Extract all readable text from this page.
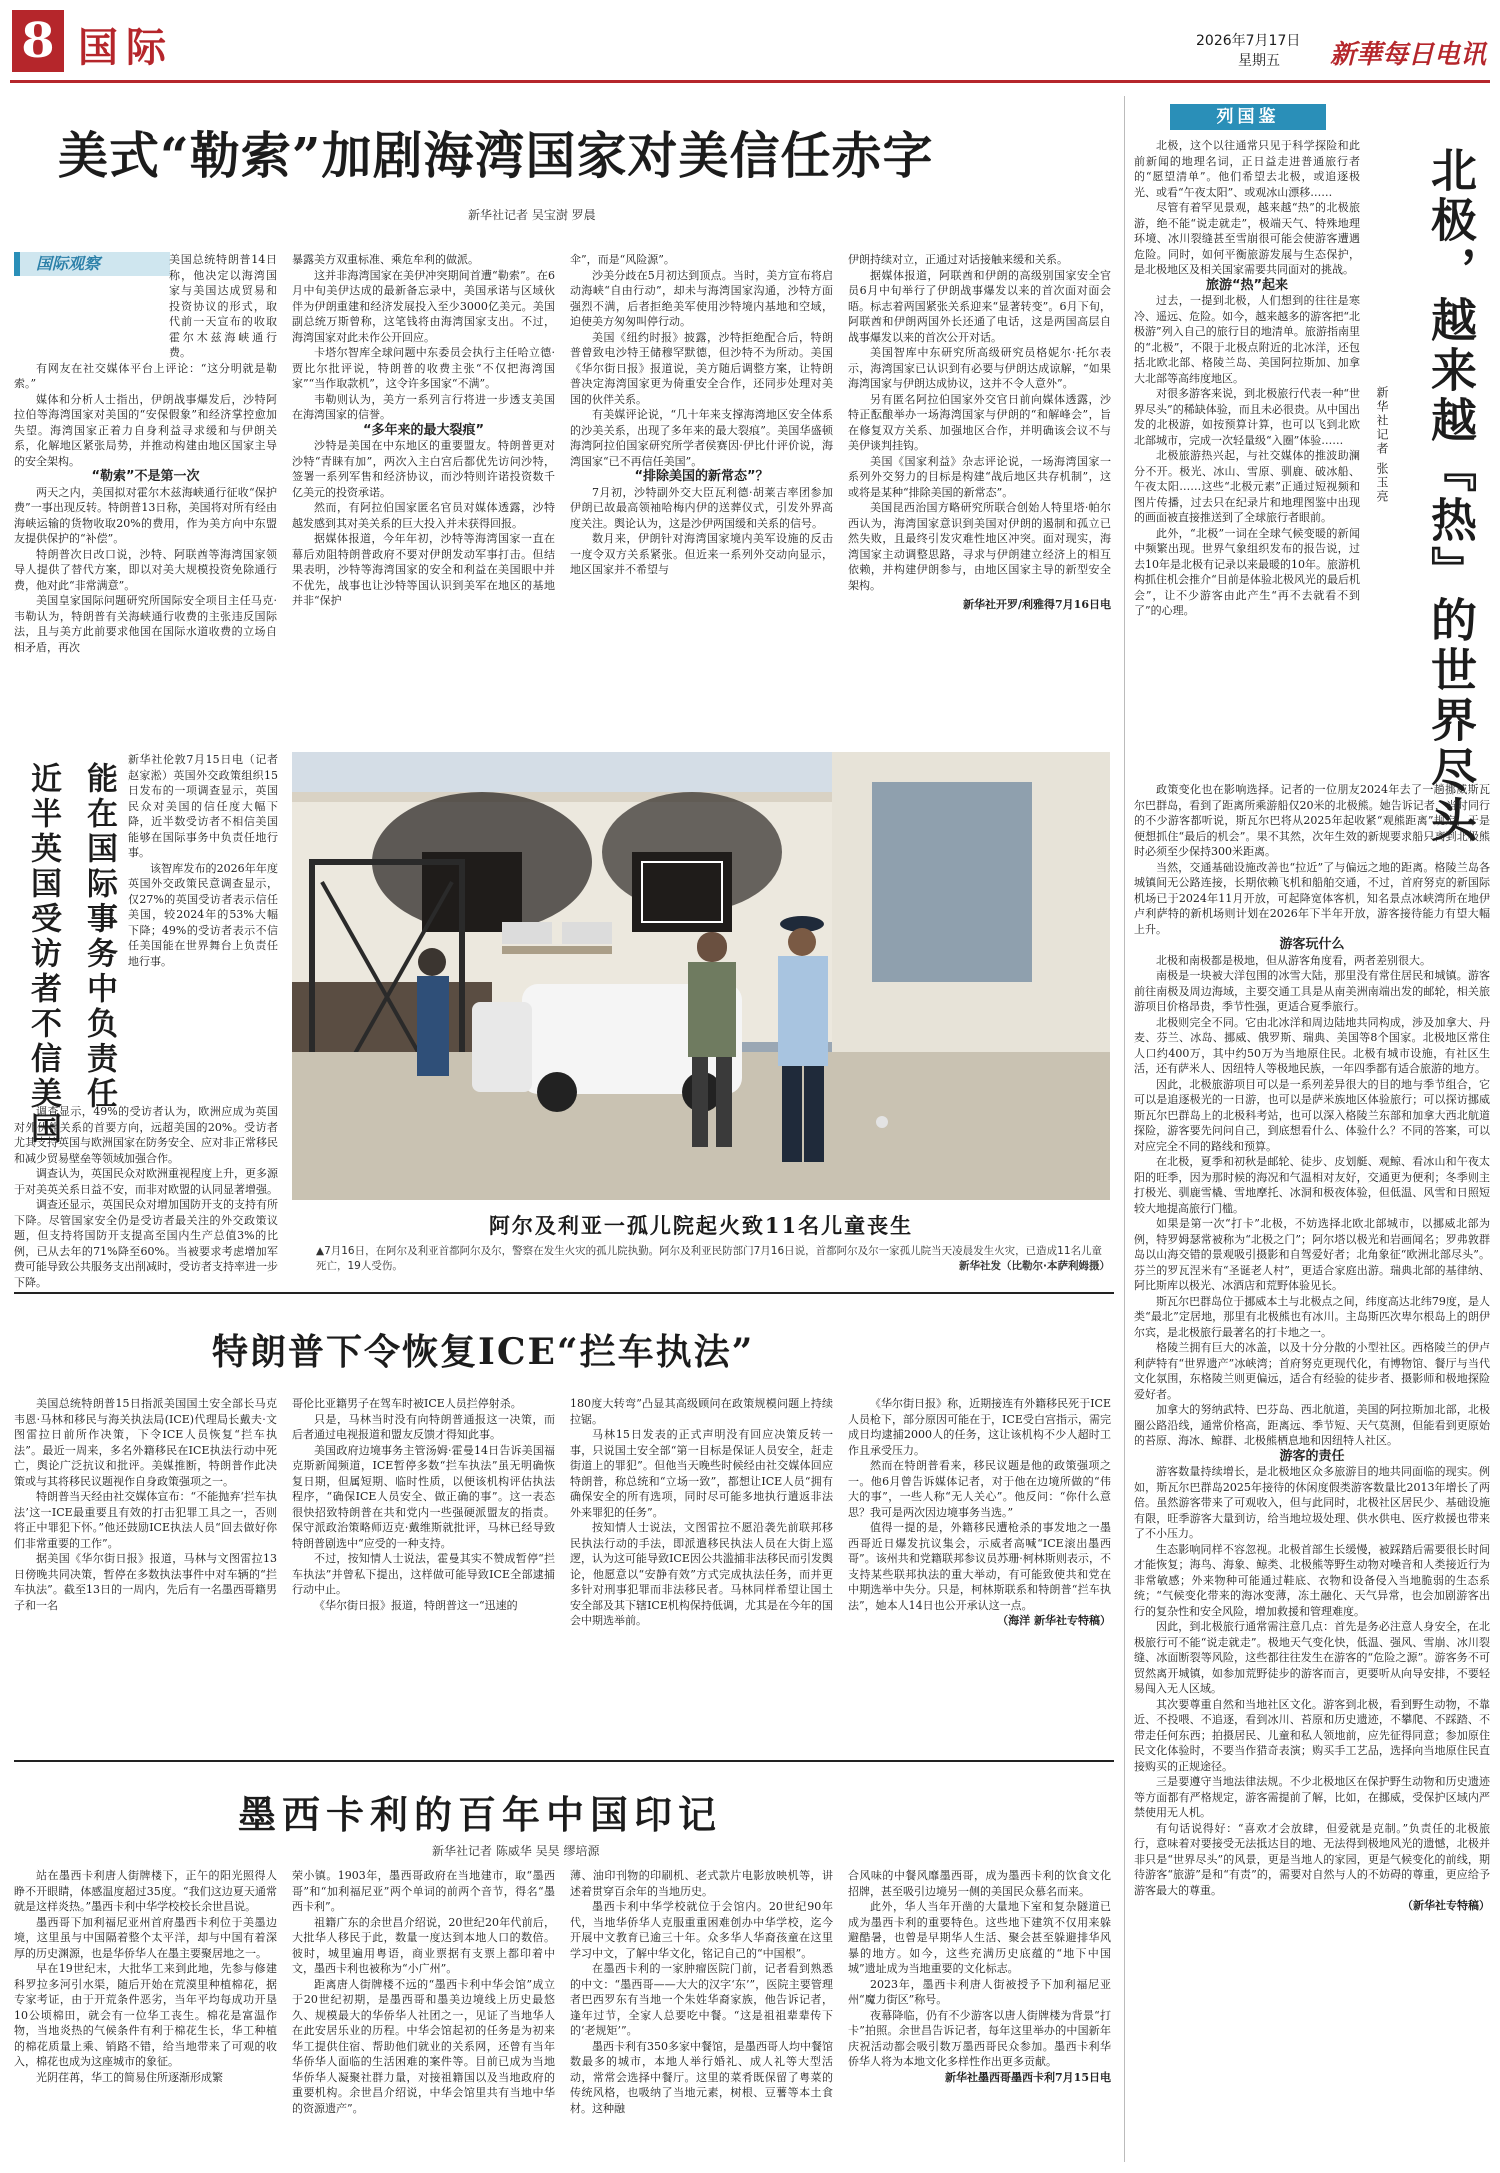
8 国际	2026年7月17日
星期五 新華每日电讯
美式“勒索”加剧海湾国家对美信任赤字
新华社记者 吴宝澍 罗晨
国际观察	美国总统特朗普14日称，他决定以海湾国家与美国达成贸易和投资协议的形式，取代前一天宣布的收取霍尔木兹海峡通行费。

有网友在社交媒体平台上评论：“这分明就是勒索。”

媒体和分析人士指出，伊朗战事爆发后，沙特阿拉伯等海湾国家对美国的“安保假象”和经济掌控愈加失望。海湾国家正着力自身利益寻求缓和与伊朗关系，化解地区紧张局势，并推动构建由地区国家主导的安全架构。

“勒索”不是第一次

两天之内，美国拟对霍尔木兹海峡通行征收“保护费”一事出现反转。特朗普13日称，美国将对所有经由海峡运输的货物收取20%的费用，作为美方向中东盟友提供保护的“补偿”。

特朗普次日改口说，沙特、阿联酋等海湾国家领导人提供了替代方案，即以对美大规模投资免除通行费，他对此“非常满意”。

美国皇家国际问题研究所国际安全项目主任马克·韦勒认为，特朗普有关海峡通行收费的主张违反国际法，且与美方此前要求他国在国际水道收费的立场自相矛盾，再次

暴露美方双重标准、乘危牟利的做派。

这并非海湾国家在美伊冲突期间首遭“勒索”。在6月中旬美伊达成的最新备忘录中，美国承诺与区域伙伴为伊朗重建和经济发展投入至少3000亿美元。美国副总统万斯曾称，这笔钱将由海湾国家支出。不过，海湾国家对此未作公开回应。

卡塔尔智库全球问题中东委员会执行主任哈立德·贾比尔批评说，特朗普的收费主张“不仅把海湾国家”“当作取款机”，这令许多国家“不满”。

韦勒则认为，美方一系列言行将进一步透支美国在海湾国家的信誉。

“多年来的最大裂痕”

沙特是美国在中东地区的重要盟友。特朗普更对沙特“青睐有加”，两次入主白宫后都优先访问沙特，签署一系列军售和经济协议，而沙特则许诺投资数千亿美元的投资承诺。

然而，有阿拉伯国家匿名官员对媒体透露，沙特越发感到其对美关系的巨大投入并未获得回报。

据媒体报道，今年年初，沙特等海湾国家一直在幕后劝阻特朗普政府不要对伊朗发动军事打击。但结果表明，沙特等海湾国家的安全和利益在美国眼中并不优先，战事也让沙特等国认识到美军在地区的基地并非“保护

伞”，而是“风险源”。

沙美分歧在5月初达到顶点。当时，美方宣布将启动海峡“自由行动”，却未与海湾国家沟通，沙特方面强烈不满，后者拒绝美军使用沙特境内基地和空域，迫使美方匆匆叫停行动。

美国《纽约时报》披露，沙特拒绝配合后，特朗普曾致电沙特王储穆罕默德，但沙特不为所动。美国《华尔街日报》报道说，美方随后调整方案，让特朗普决定海湾国家更为倚重安全合作，还同步处理对美国的伙伴关系。

有美媒评论说，“几十年来支撑海湾地区安全体系的沙美关系，出现了多年来的最大裂痕”。美国华盛顿海湾阿拉伯国家研究所学者侯赛因·伊比什评价说，海湾国家“已不再信任美国”。

“排除美国的新常态”？

7月初，沙特副外交大臣瓦利德·胡莱吉率团参加伊朗已故最高领袖哈梅内伊的送葬仪式，引发外界高度关注。舆论认为，这是沙伊两国缓和关系的信号。

数月来，伊朗针对海湾国家境内美军设施的反击一度令双方关系紧张。但近来一系列外交动向显示，地区国家并不希望与

伊朗持续对立，正通过对话接触来缓和关系。

据媒体报道，阿联酋和伊朗的高级别国家安全官员6月中旬举行了伊朗战事爆发以来的首次面对面会晤。标志着两国紧张关系迎来“显著转变”。6月下旬，阿联酋和伊朗两国外长还通了电话，这是两国高层自战事爆发以来的首次公开对话。

美国智库中东研究所高级研究员格妮尔·托尔表示，海湾国家已认识到有必要与伊朗达成谅解，“如果海湾国家与伊朗达成协议，这并不令人意外”。

另有匿名阿拉伯国家外交官日前向媒体透露，沙特正酝酿举办一场海湾国家与伊朗的“和解峰会”，旨在修复双方关系、加强地区合作，并明确该会议不与美伊谈判挂钩。

美国《国家利益》杂志评论说，一场海湾国家一系列外交努力的目标是构建“战后地区共存机制”，这或将是某种“排除美国的新常态”。

美国昆西治国方略研究所联合创始人特里塔·帕尔西认为，海湾国家意识到美国对伊朗的遏制和孤立已然失败，且最终引发灾难性地区冲突。面对现实，海湾国家主动调整思路，寻求与伊朗建立经济上的相互依赖，并构建伊朗参与，由地区国家主导的新型安全架构。

新华社开罗/利雅得7月16日电

近半英国受访者不信美国 能在国际事务中负责任

新华社伦敦7月15日电（记者赵家淞）英国外交政策组织15日发布的一项调查显示，英国民众对美国的信任度大幅下降，近半数受访者不相信美国能够在国际事务中负责任地行事。

该智库发布的2026年年度英国外交政策民意调查显示，仅27%的英国受访者表示信任美国，较2024年的53%大幅下降；49%的受访者表示不信任美国能在世界舞台上负责任地行事。

调查显示，49%的受访者认为，欧洲应成为英国对外伙伴关系的首要方向，远超美国的20%。受访者尤其支持英国与欧洲国家在防务安全、应对非正常移民和减少贸易壁垒等领域加强合作。

调查认为，英国民众对欧洲重视程度上升，更多源于对美英关系日益不安，而非对欧盟的认同显著增强。

调查还显示，英国民众对增加国防开支的支持有所下降。尽管国家安全仍是受访者最关注的外交政策议题，但支持将国防开支提高至国内生产总值3%的比例，已从去年的71%降至60%。当被要求考虑增加军费可能导致公共服务支出削减时，受访者支持率进一步下降。

阿尔及利亚一孤儿院起火致11名儿童丧生
▲7月16日，在阿尔及利亚首都阿尔及尔，警察在发生火灾的孤儿院执勤。阿尔及利亚民防部门7月16日说，首都阿尔及尔一家孤儿院当天凌晨发生火灾，已造成11名儿童死亡，19人受伤。	新华社发（比勒尔·本萨利姆摄）
特朗普下令恢复ICE“拦车执法”

美国总统特朗普15日指派美国国土安全部长马克韦恩·马林和移民与海关执法局(ICE)代理局长戴夫·文图雷拉日前所作决策，下令ICE人员恢复“拦车执法”。最近一周来，多名外籍移民在ICE执法行动中死亡，舆论广泛抗议和批评。美媒推断，特朗普作此决策或与其将移民议题视作自身政策强项之一。

特朗普当天经由社交媒体宣布：“不能抛弃‘拦车执法’这一ICE最重要且有效的打击犯罪工具之一，否则将正中罪犯下怀。”他还鼓励ICE执法人员“回去做好你们非常重要的工作”。

据美国《华尔街日报》报道，马林与文图雷拉13日傍晚共同决策，暂停在多数执法事件中对车辆的“拦车执法”。截至13日的一周内，先后有一名墨西哥籍男子和一名

哥伦比亚籍男子在驾车时被ICE人员拦停射杀。

只是，马林当时没有向特朗普通报这一决策，而后者通过电视报道和盟友反馈才得知此事。

美国政府边境事务主管汤姆·霍曼14日告诉美国福克斯新闻频道，ICE暂停多数“拦车执法”虽无明确恢复日期，但属短期、临时性质，以便该机构评估执法程序，“确保ICE人员安全、做正确的事”。这一表态很快招致特朗普在共和党内一些强硬派盟友的指责。保守派政治策略师迈克·戴维斯就批评，马林已经导致特朗普剧选中“应受的一种支持。

不过，按知情人士说法，霍曼其实不赞成暂停“拦车执法”并曾私下提出，这样做可能导致ICE全部逮捕行动中止。

《华尔街日报》报道，特朗普这一“迅速的

180度大转弯”凸显其高级顾问在政策规模问题上持续拉锯。

马林15日发表的正式声明没有回应决策反转一事，只说国土安全部“第一目标是保证人员安全，赶走街道上的罪犯”。但他当天晚些时候经由社交媒体回应特朗普，称总统和“立场一致”，都想让ICE人员“拥有确保安全的所有选项，同时尽可能多地执行遣返非法外来罪犯的任务”。

按知情人士说法，文图雷拉不愿沿袭先前联邦移民执法行动的手法，即派遣移民执法人员在大街上巡逻，认为这可能导致ICE因公共滥捕非法移民而引发舆论，他愿意以“安静有效”方式完成执法任务，而并更多针对刑事犯罪而非法移民者。马林同样希望让国土安全部及其下辖ICE机构保持低调，尤其是在今年的国会中期选举前。

《华尔街日报》称，近期接连有外籍移民死于ICE人员枪下，部分原因可能在于，ICE受白宫指示，需完成日均逮捕2000人的任务，这让该机构不少人超时工作且承受压力。

然而在特朗普看来，移民议题是他的政策强项之一。他6月曾告诉媒体记者，对于他在边境所做的“伟大的事”，一些人称“无人关心”。他反问：“你什么意思？我可是两次因边境事务当选。”

值得一提的是，外籍移民遭枪杀的事发地之一墨西哥近日爆发抗议集会，示威者高喊“ICE滚出墨西哥”。该州共和党籍联邦参议员苏珊·柯林斯则表示，不支持某些联邦执法的重大举动，有可能致使共和党在中期选举中失分。只是，柯林斯联系和特朗普“拦车执法”，她本人14日也公开承认这一点。

（海洋 新华社专特稿）

墨西卡利的百年中国印记
新华社记者 陈威华 吴昊 缪培源

站在墨西卡利唐人街牌楼下，正午的阳光照得人睁不开眼睛，体感温度超过35度。“我们这边夏天通常就是这样炎热。”墨西卡利中华学校校长余世昌说。

墨西哥下加利福尼亚州首府墨西卡利位于美墨边境，这里虽与中国隔着整个太平洋，却与中国有着深厚的历史渊源，也是华侨华人在墨主要聚居地之一。

早在19世纪末，大批华工来到此地，先参与修建科罗拉多河引水渠，随后开始在荒漠里种植棉花，据专家考证，由于开荒条件恶劣，当年平均每成功开垦10公顷棉田，就会有一位华工丧生。棉花是富温作物，当地炎热的气候条件有利于棉花生长，华工种植的棉花质量上乘、销路不错，给当地带来了可观的收入，棉花也成为这座城市的象征。

光阴荏苒，华工的简易住所逐渐形成繁

荣小镇。1903年，墨西哥政府在当地建市，取“墨西哥”和“加利福尼亚”两个单词的前两个音节，得名“墨西卡利”。

祖籍广东的余世昌介绍说，20世纪20年代前后，大批华人移民于此，数量一度达到本地人口的数倍。彼时，城里遍用粤语，商业票据有支票上都印着中文，墨西卡利也被称为“小广州”。

距离唐人街牌楼不远的“墨西卡利中华会馆”成立于20世纪初期，是墨西哥和墨美边境线上历史最悠久、规模最大的华侨华人社团之一，见证了当地华人在此安居乐业的历程。中华会馆起初的任务是为初来华工提供住宿、帮助他们就业的关系网，还曾有当年华侨华人面临的生活困难的案件等。目前已成为当地华侨华人凝聚社群力量，对接祖籍国以及当地政府的重要机构。余世昌介绍说，中华会馆里共有当地中华的资源遗产”。

薄、油印刊物的印刷机、老式款片电影放映机等，讲述着贯穿百余年的当地历史。

墨西卡利中华学校就位于会馆内。20世纪90年代，当地华侨华人克服重重困难创办中华学校，迄今开展中文教育已逾三十年。众多华人华裔孩童在这里学习中文，了解中华文化，铭记自己的“中国根”。

在墨西卡利的一家肿瘤医院门前，记者看到熟悉的中文：“墨西哥——大大的汉字‘东’”，医院主要管理者巴西罗东有当地一个朱姓华裔家族，他告诉记者，逢年过节，全家人总要吃中餐。“这是祖祖辈辈传下的‘老规矩’”。

墨西卡利有350多家中餐馆，是墨西哥人均中餐馆数最多的城市，本地人举行婚礼、成人礼等大型活动，常常会选择中餐厅。这里的菜肴既保留了粤菜的传统风格，也吸纳了当地元素，树根、豆薯等本土食材。这种融

合风味的中餐风靡墨西哥，成为墨西卡利的饮食文化招牌，甚至吸引边境另一侧的美国民众慕名而来。

此外，华人当年开凿的大量地下室和复杂隧道已成为墨西卡利的重要特色。这些地下建筑不仅用来躲避酷暑，也曾是早期华人生活、聚会甚至躲避排华风暴的地方。如今，这些充满历史底蕴的“地下中国城”遗址成为当地重要的文化标志。

2023年，墨西卡利唐人街被授予下加利福尼亚州“魔力街区”称号。

夜幕降临，仍有不少游客以唐人街牌楼为背景“打卡”拍照。余世昌告诉记者，每年这里举办的中国新年庆祝活动都会吸引数万墨西哥民众参加。墨西卡利华侨华人将为本地文化多样性作出更多贡献。

新华社墨西哥墨西卡利7月15日电

列国鉴
北极，越来越『热』的世界尽头
新华社记者 张玉亮

北极，这个以往通常只见于科学探险和此前新闻的地理名词，正日益走进普通旅行者的“愿望清单”。他们希望去北极，或追逐极光、或看“午夜太阳”、或观冰山漂移……

尽管有着罕见景观，越来越“热”的北极旅游，绝不能“说走就走”，极端天气、特殊地理环境、冰川裂缝甚至雪崩很可能会使游客遭遇危险。同时，如何平衡旅游发展与生态保护，是北极地区及相关国家需要共同面对的挑战。

旅游“热”起来

过去，一提到北极，人们想到的往往是寒冷、遥远、危险。如今，越来越多的游客把“北极游”列入自己的旅行目的地清单。旅游指南里的“北极”，不限于北极点附近的北冰洋，还包括北欧北部、格陵兰岛、美国阿拉斯加、加拿大北部等高纬度地区。

对很多游客来说，到北极旅行代表一种“世界尽头”的稀缺体验，而且未必很贵。从中国出发的北极游，如按预算计算，也可以飞到北欧北部城市，完成一次轻量级“入圈”体验……

北极旅游热兴起，与社交媒体的推波助澜分不开。极光、冰山、雪原、驯鹿、破冰船、午夜太阳……这些“北极元素”正通过短视频和图片传播，过去只在纪录片和地理图鉴中出现的画面被直接推送到了全球旅行者眼前。

此外，“北极”一词在全球气候变暖的新闻中频繁出现。世界气象组织发布的报告说，过去10年是北极有记录以来最暖的10年。旅游机构抓住机会推介“目前是体验北极风光的最后机会”，让不少游客由此产生“再不去就看不到了”的心理。

政策变化也在影响选择。记者的一位朋友2024年去了一趟挪威斯瓦尔巴群岛，看到了距离所乘游船仅20米的北极熊。她告诉记者，当时同行的不少游客都听说，斯瓦尔巴将从2025年起收紧“观熊距离”规定，于是便想抓住“最后的机会”。果不其然，次年生效的新规要求船只离到北极熊时必须至少保持300米距离。

当然，交通基础设施改善也“拉近”了与偏远之地的距离。格陵兰岛各城镇间无公路连接，长期依赖飞机和船舶交通，不过，首府努克的新国际机场已于2024年11月开放，可起降宽体客机，知名景点冰峡湾所在地伊卢利萨特的新机场则计划在2026年下半年开放，游客接待能力有望大幅上升。

游客玩什么

北极和南极都是极地，但从游客角度看，两者差别很大。

南极是一块被大洋包围的冰雪大陆，那里没有常住居民和城镇。游客前往南极及周边海域，主要交通工具是从南美洲南端出发的邮轮，相关旅游项目价格昂贵，季节性强，更适合夏季旅行。

北极则完全不同。它由北冰洋和周边陆地共同构成，涉及加拿大、丹麦、芬兰、冰岛、挪威、俄罗斯、瑞典、美国等8个国家。北极地区常住人口约400万，其中约50万为当地原住民。北极有城市设施，有社区生活，还有萨米人、因纽特人等极地民族，一年四季都有适合旅游的地方。

因此，北极旅游项目可以是一系列差异很大的目的地与季节组合，它可以是追逐极光的一日游，也可以是萨米族地区体验旅行；可以探访挪威斯瓦尔巴群岛上的北极科考站，也可以深入格陵兰东部和加拿大西北航道探险，游客要先问问自己，到底想看什么、体验什么？不同的答案，可以对应完全不同的路线和预算。

在北极，夏季和初秋是邮轮、徒步、皮划艇、观鲸、看冰山和午夜太阳的旺季，因为那时候的海况和气温相对友好，交通更为便利；冬季则主打极光、驯鹿雪橇、雪地摩托、冰洞和极夜体验，但低温、风雪和日照短较大地提高旅行门槛。

如果是第一次“打卡”北极，不妨选择北欧北部城市，以挪威北部为例，特罗姆瑟常被称为“北极之门”；阿尔塔以极光和岩画闻名；罗弗敦群岛以山海交错的景观吸引摄影和自驾爱好者；北角象征“欧洲北部尽头”。芬兰的罗瓦涅米有“圣诞老人村”，更适合家庭出游。瑞典北部的基律纳、阿比斯库以极光、冰酒店和荒野体验见长。

斯瓦尔巴群岛位于挪威本土与北极点之间，纬度高达北纬79度，是人类“最北”定居地，那里有北极熊也有冰川。主岛斯匹次卑尔根岛上的朗伊尔宾，是北极旅行最著名的打卡地之一。

格陵兰拥有巨大的冰盖，以及十分分散的小型社区。西格陵兰的伊卢利萨特有“世界遗产”冰峡湾；首府努克更现代化，有博物馆、餐厅与当代文化氛围，东格陵兰则更偏远，适合有经验的徒步者、摄影师和极地探险爱好者。

加拿大的努纳武特、巴芬岛、西北航道，美国的阿拉斯加北部，北极圈公路沿线，通常价格高，距离远、季节短、天气莫测，但能看到更原始的苔原、海冰、鲸群、北极熊栖息地和因纽特人社区。

游客的责任

游客数量持续增长，是北极地区众多旅游目的地共同面临的现实。例如，斯瓦尔巴群岛2025年接待的休闲度假类游客数量比2013年增长了两倍。虽然游客带来了可观收入，但与此同时，北极社区居民少、基础设施有限，旺季游客大量到访，给当地垃圾处理、供水供电、医疗救援也带来了不小压力。

生态影响同样不容忽视。北极首部生长缓慢，被踩踏后需要很长时间才能恢复；海鸟、海象、鲸类、北极熊等野生动物对噪音和人类接近行为非常敏感；外来物种可能通过鞋底、衣物和设备侵入当地脆弱的生态系统；“气候变化带来的海冰变薄，冻土融化、天气异常，也会加剧游客出行的复杂性和安全风险，增加救援和管理难度。

因此，到北极旅行通常需注意几点：首先是务必注意人身安全，在北极旅行可不能“说走就走”。极地天气变化快，低温、强风、雪崩、冰川裂缝、冰面断裂等风险，这些都往往发生在游客的“危险之源”。游客务不可贸然离开城镇，如参加荒野徒步的游客而言，更要听从向导安排，不要轻易闯入无人区域。

其次要尊重自然和当地社区文化。游客到北极，看到野生动物，不靠近、不投喂、不追逐，看到冰川、苔原和历史遗迹，不攀爬、不踩踏、不带走任何东西；拍摄居民、儿童和私人领地前，应先征得同意；参加原住民文化体验时，不要当作猎奇表演；购买手工艺品，选择向当地原住民直接购买的正规途径。

三是要遵守当地法律法规。不少北极地区在保护野生动物和历史遗迹等方面都有严格规定，游客需提前了解，比如，在挪威，受保护区域内严禁使用无人机。

有句话说得好：“喜欢才会放肆，但爱就是克制。”负责任的北极旅行，意味着对要接受无法抵达目的地、无法得到极地风光的遗憾，北极并非只是“世界尽头”的风景，更是当地人的家园，更是气候变化的前线，期待游客“旅游”是和“有责”的，需要对自然与人的不妨碍的尊重，更应给予游客最大的尊重。

（新华社专特稿）
